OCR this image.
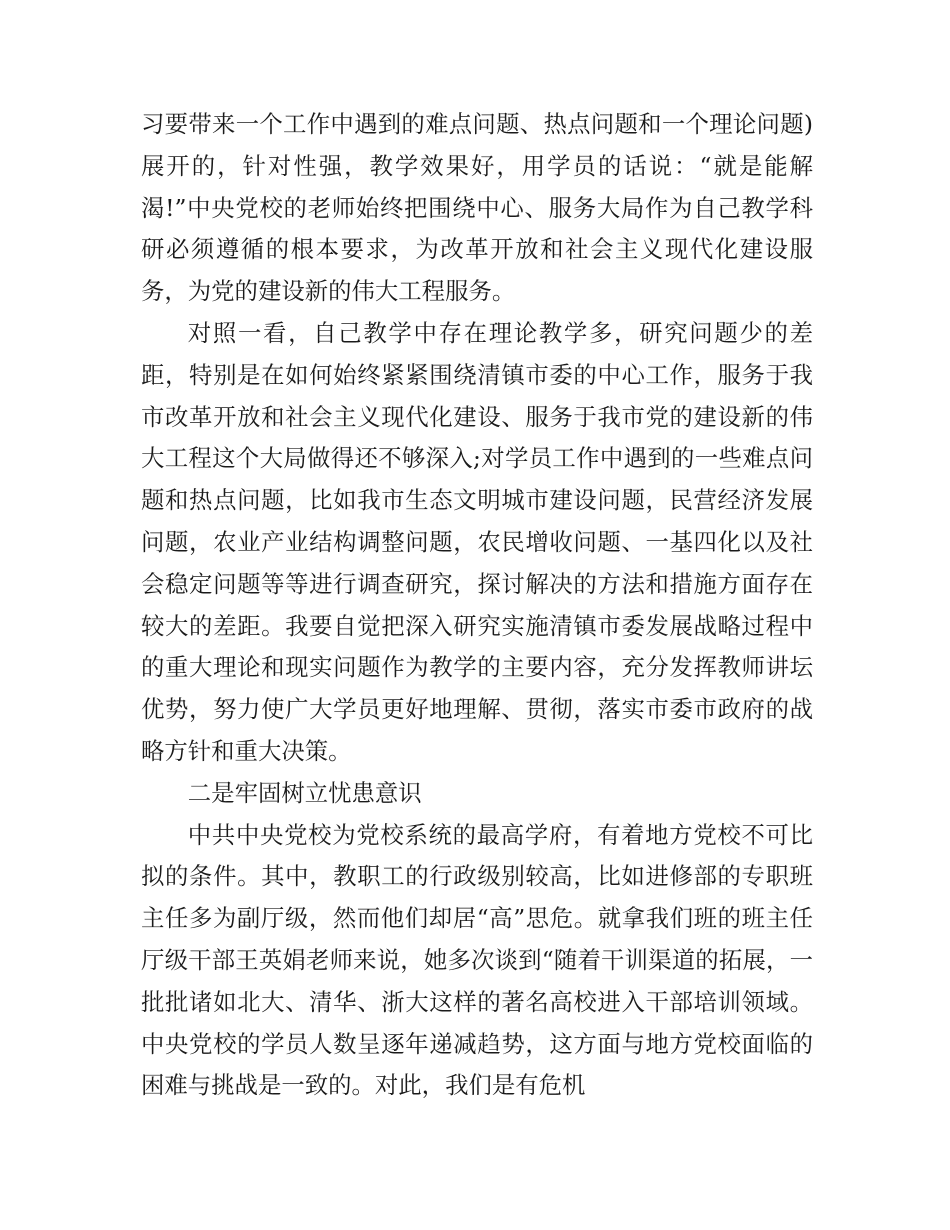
习要带来一个工作中遇到的难点问题、热点问题和一个理论问题)展开的，针对性强，教学效果好，用学员的话说：“就是能解渴!”中央党校的老师始终把围绕中心、服务大局作为自己教学科研必须遵循的根本要求，为改革开放和社会主义现代化建设服务，为党的建设新的伟大工程服务。

对照一看，自己教学中存在理论教学多，研究问题少的差距，特别是在如何始终紧紧围绕清镇市委的中心工作，服务于我市改革开放和社会主义现代化建设、服务于我市党的建设新的伟大工程这个大局做得还不够深入;对学员工作中遇到的一些难点问题和热点问题，比如我市生态文明城市建设问题，民营经济发展问题，农业产业结构调整问题，农民增收问题、一基四化以及社会稳定问题等等进行调查研究，探讨解决的方法和措施方面存在较大的差距。我要自觉把深入研究实施清镇市委发展战略过程中的重大理论和现实问题作为教学的主要内容，充分发挥教师讲坛优势，努力使广大学员更好地理解、贯彻，落实市委市政府的战略方针和重大决策。

二是牢固树立忧患意识

中共中央党校为党校系统的最高学府，有着地方党校不可比拟的条件。其中，教职工的行政级别较高，比如进修部的专职班主任多为副厅级，然而他们却居“高”思危。就拿我们班的班主任厅级干部王英娟老师来说，她多次谈到“随着干训渠道的拓展，一批批诸如北大、清华、浙大这样的著名高校进入干部培训领域。中央党校的学员人数呈逐年递减趋势，这方面与地方党校面临的困难与挑战是一致的。对此，我们是有危机
